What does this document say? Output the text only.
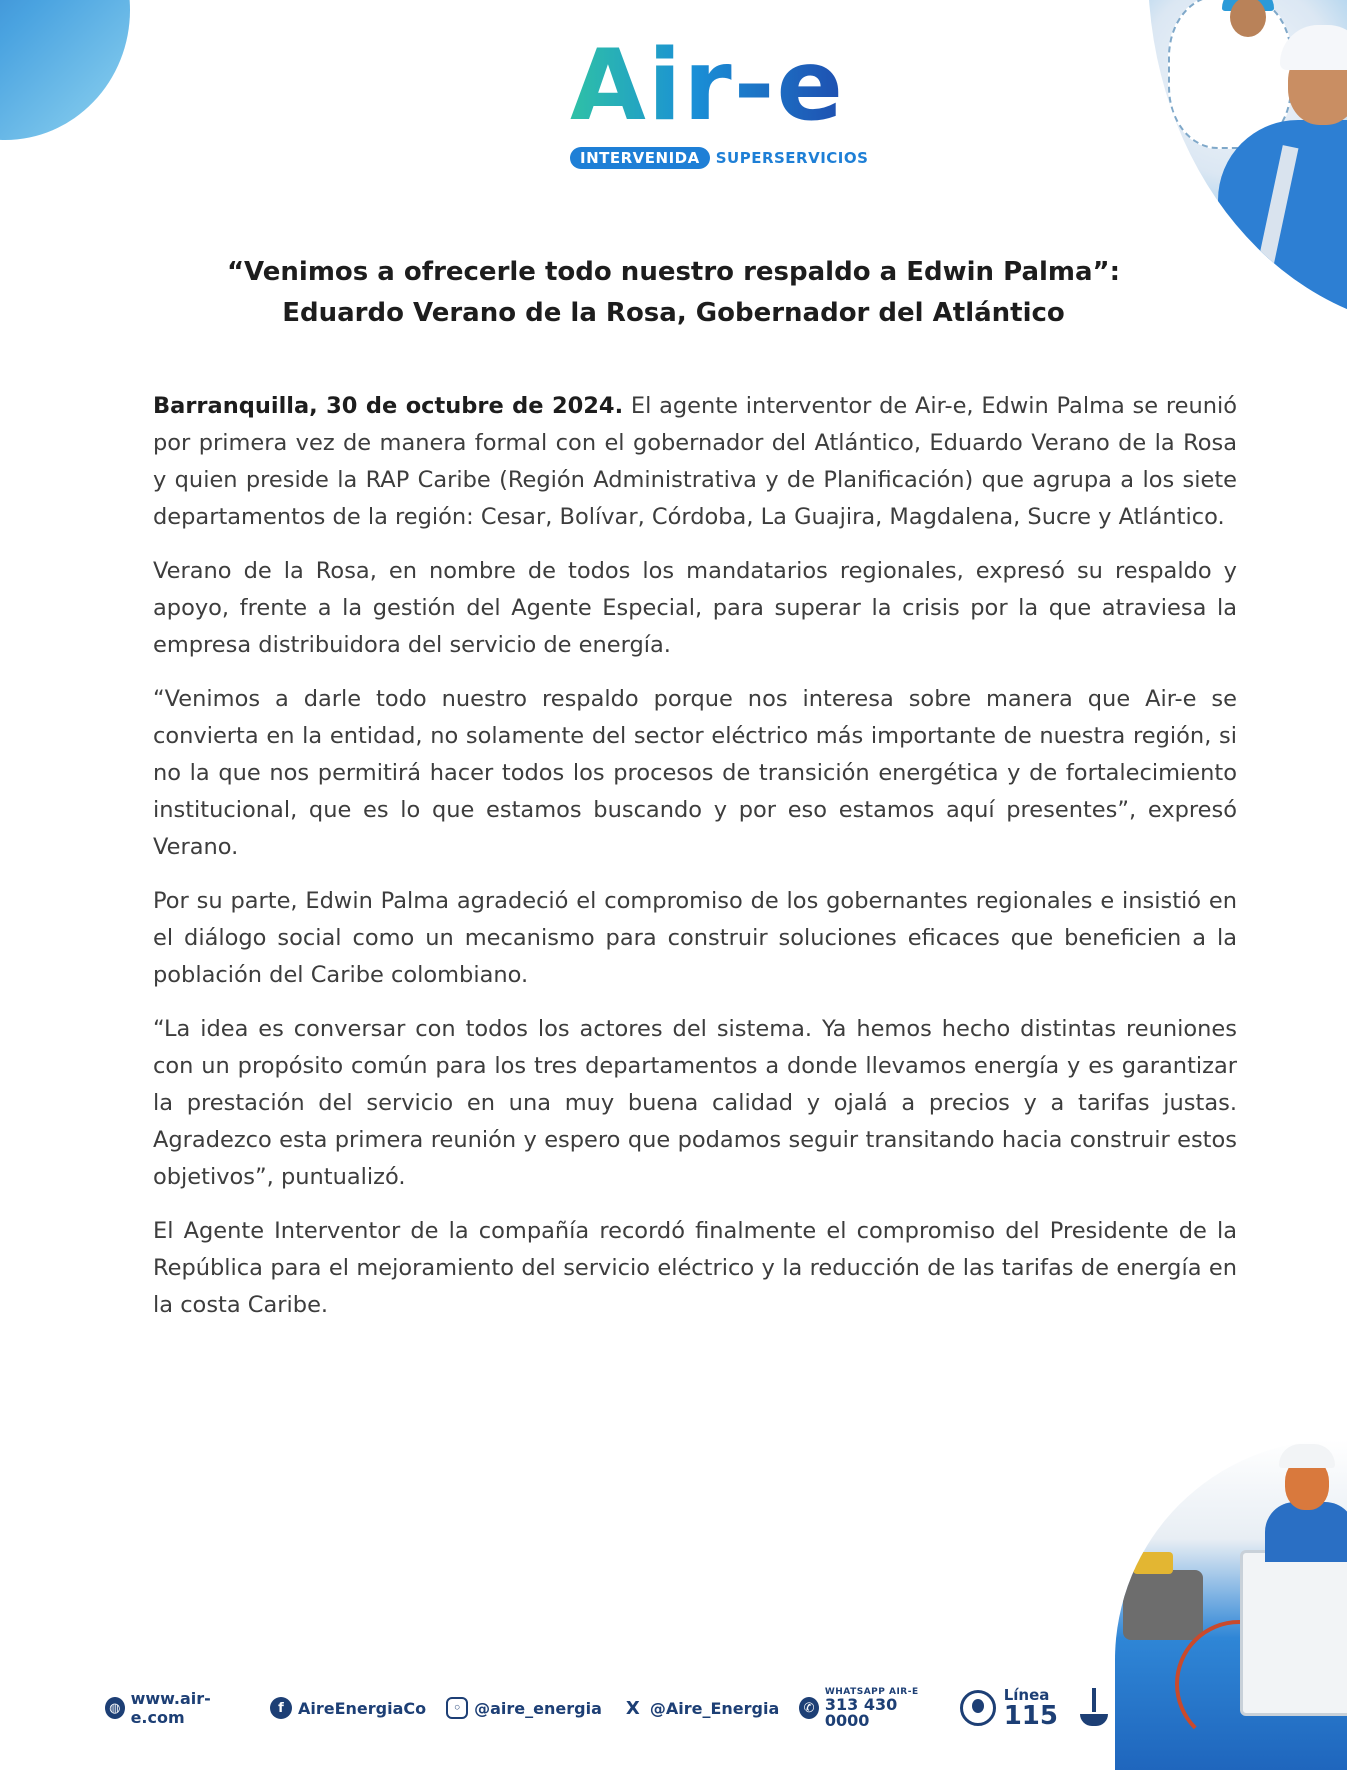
Air-e
INTERVENIDA	SUPERSERVICIOS
“Venimos a ofrecerle todo nuestro respaldo a Edwin Palma”:
Eduardo Verano de la Rosa, Gobernador del Atlántico

Barranquilla, 30 de octubre de 2024. El agente interventor de Air-e, Edwin Palma se reunió por primera vez de manera formal con el gobernador del Atlántico, Eduardo Verano de la Rosa y quien preside la RAP Caribe (Región Administrativa y de Planificación) que agrupa a los siete departamentos de la región: Cesar, Bolívar, Córdoba, La Guajira, Magdalena, Sucre y Atlántico.

Verano de la Rosa, en nombre de todos los mandatarios regionales, expresó su respaldo y apoyo, frente a la gestión del Agente Especial, para superar la crisis por la que atraviesa la empresa distribuidora del servicio de energía.

“Venimos a darle todo nuestro respaldo porque nos interesa sobre manera que Air-e se convierta en la entidad, no solamente del sector eléctrico más importante de nuestra región, si no la que nos permitirá hacer todos los procesos de transición energética y de fortalecimiento institucional, que es lo que estamos buscando y por eso estamos aquí presentes”, expresó Verano.

Por su parte, Edwin Palma agradeció el compromiso de los gobernantes regionales e insistió en el diálogo social como un mecanismo para construir soluciones eficaces que beneficien a la población del Caribe colombiano.

“La idea es conversar con todos los actores del sistema. Ya hemos hecho distintas reuniones con un propósito común para los tres departamentos a donde llevamos energía y es garantizar la prestación del servicio en una muy buena calidad y ojalá a precios y a tarifas justas. Agradezco esta primera reunión y espero que podamos seguir transitando hacia construir estos objetivos”, puntualizó.

El Agente Interventor de la compañía recordó finalmente el compromiso del Presidente de la República para el mejoramiento del servicio eléctrico y la reducción de las tarifas de energía en la costa Caribe.

◍ www.air-e.com	f AireEnergiaCo	◦ @aire_energia X @Aire_Energia	✆
WHATSAPP AIR-E
313 430 0000
Línea
115
